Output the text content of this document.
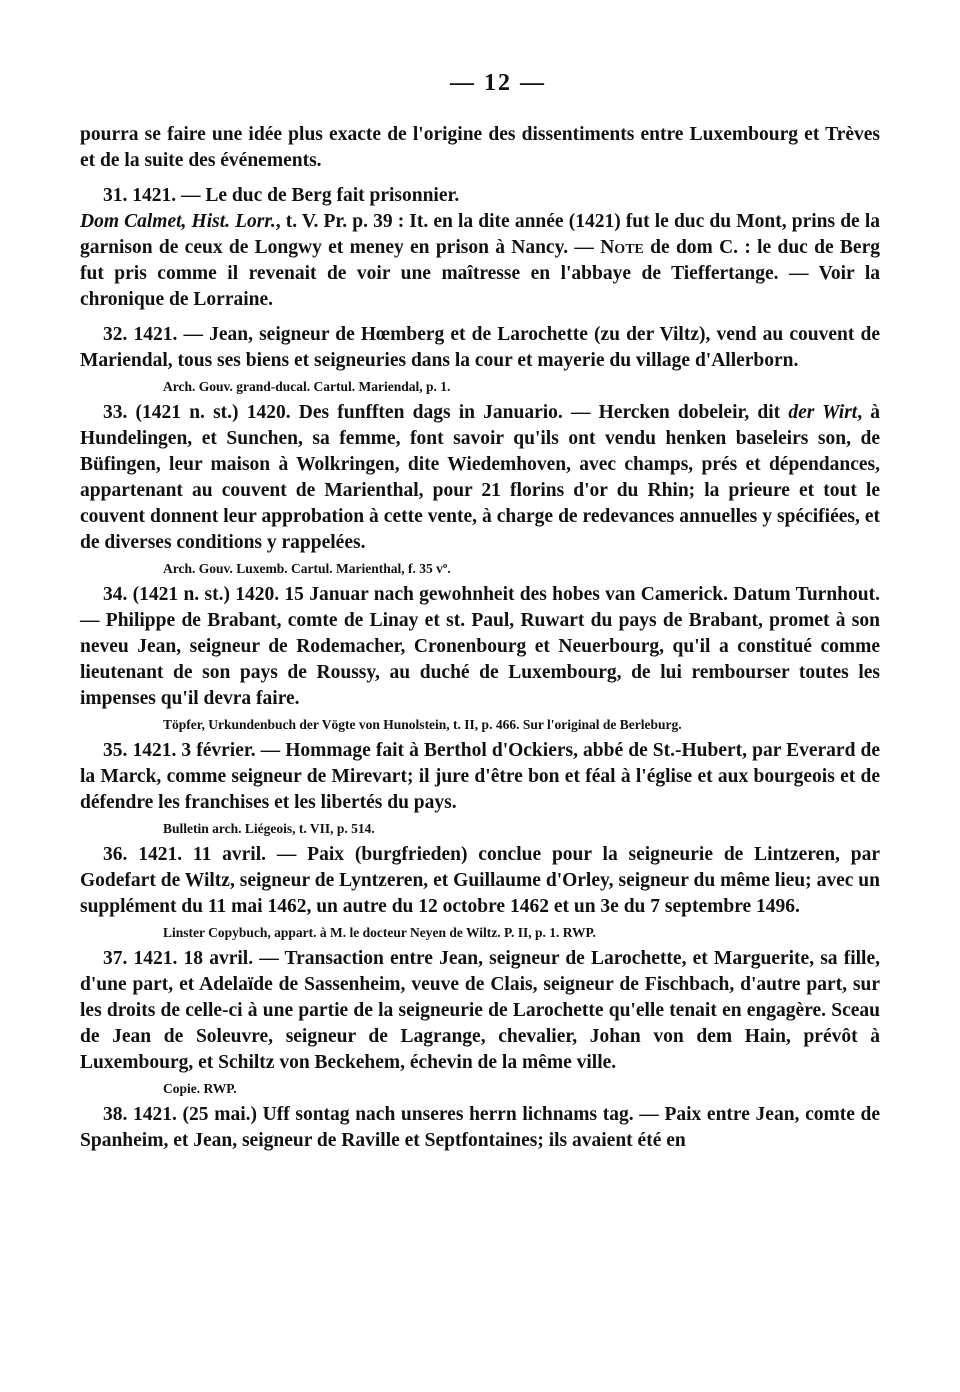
— 12 —

pourra se faire une idée plus exacte de l'origine des dissentiments entre Luxembourg et Trèves et de la suite des événements.

31. 1421. — Le duc de Berg fait prisonnier.

Dom Calmet, Hist. Lorr., t. V. Pr. p. 39 : It. en la dite année (1421) fut le duc du Mont, prins de la garnison de ceux de Longwy et meney en prison à Nancy. — Note de dom C. : le duc de Berg fut pris comme il revenait de voir une maîtresse en l'abbaye de Tieffertange. — Voir la chronique de Lorraine.

32. 1421. — Jean, seigneur de Hœmberg et de Larochette (zu der Viltz), vend au couvent de Mariendal, tous ses biens et seigneuries dans la cour et mayerie du village d'Allerborn.

Arch. Gouv. grand-ducal. Cartul. Mariendal, p. 1.

33. (1421 n. st.) 1420. Des funfften dags in Januario. — Hercken dobeleir, dit der Wirt, à Hundelingen, et Sunchen, sa femme, font savoir qu'ils ont vendu henken baseleirs son, de Büfingen, leur maison à Wolkringen, dite Wiedemhoven, avec champs, prés et dépendances, appartenant au couvent de Marienthal, pour 21 florins d'or du Rhin; la prieure et tout le couvent donnent leur approbation à cette vente, à charge de redevances annuelles y spécifiées, et de diverses conditions y rappelées.

Arch. Gouv. Luxemb. Cartul. Marienthal, f. 35 vº.

34. (1421 n. st.) 1420. 15 Januar nach gewohnheit des hobes van Camerick. Datum Turnhout. — Philippe de Brabant, comte de Linay et st. Paul, Ruwart du pays de Brabant, promet à son neveu Jean, seigneur de Rodemacher, Cronenbourg et Neuerbourg, qu'il a constitué comme lieutenant de son pays de Roussy, au duché de Luxembourg, de lui rembourser toutes les impenses qu'il devra faire.

Töpfer, Urkundenbuch der Vögte von Hunolstein, t. II, p. 466. Sur l'original de Berleburg.

35. 1421. 3 février. — Hommage fait à Berthol d'Ockiers, abbé de St.-Hubert, par Everard de la Marck, comme seigneur de Mirevart; il jure d'être bon et féal à l'église et aux bourgeois et de défendre les franchises et les libertés du pays.

Bulletin arch. Liégeois, t. VII, p. 514.

36. 1421. 11 avril. — Paix (burgfrieden) conclue pour la seigneurie de Lintzeren, par Godefart de Wiltz, seigneur de Lyntzeren, et Guillaume d'Orley, seigneur du même lieu; avec un supplément du 11 mai 1462, un autre du 12 octobre 1462 et un 3e du 7 septembre 1496.

Linster Copybuch, appart. à M. le docteur Neyen de Wiltz. P. II, p. 1. RWP.

37. 1421. 18 avril. — Transaction entre Jean, seigneur de Larochette, et Marguerite, sa fille, d'une part, et Adelaïde de Sassenheim, veuve de Clais, seigneur de Fischbach, d'autre part, sur les droits de celle-ci à une partie de la seigneurie de Larochette qu'elle tenait en engagère. Sceau de Jean de Soleuvre, seigneur de Lagrange, chevalier, Johan von dem Hain, prévôt à Luxembourg, et Schiltz von Beckehem, échevin de la même ville.

Copie. RWP.

38. 1421. (25 mai.) Uff sontag nach unseres herrn lichnams tag. — Paix entre Jean, comte de Spanheim, et Jean, seigneur de Raville et Septfontaines; ils avaient été en
